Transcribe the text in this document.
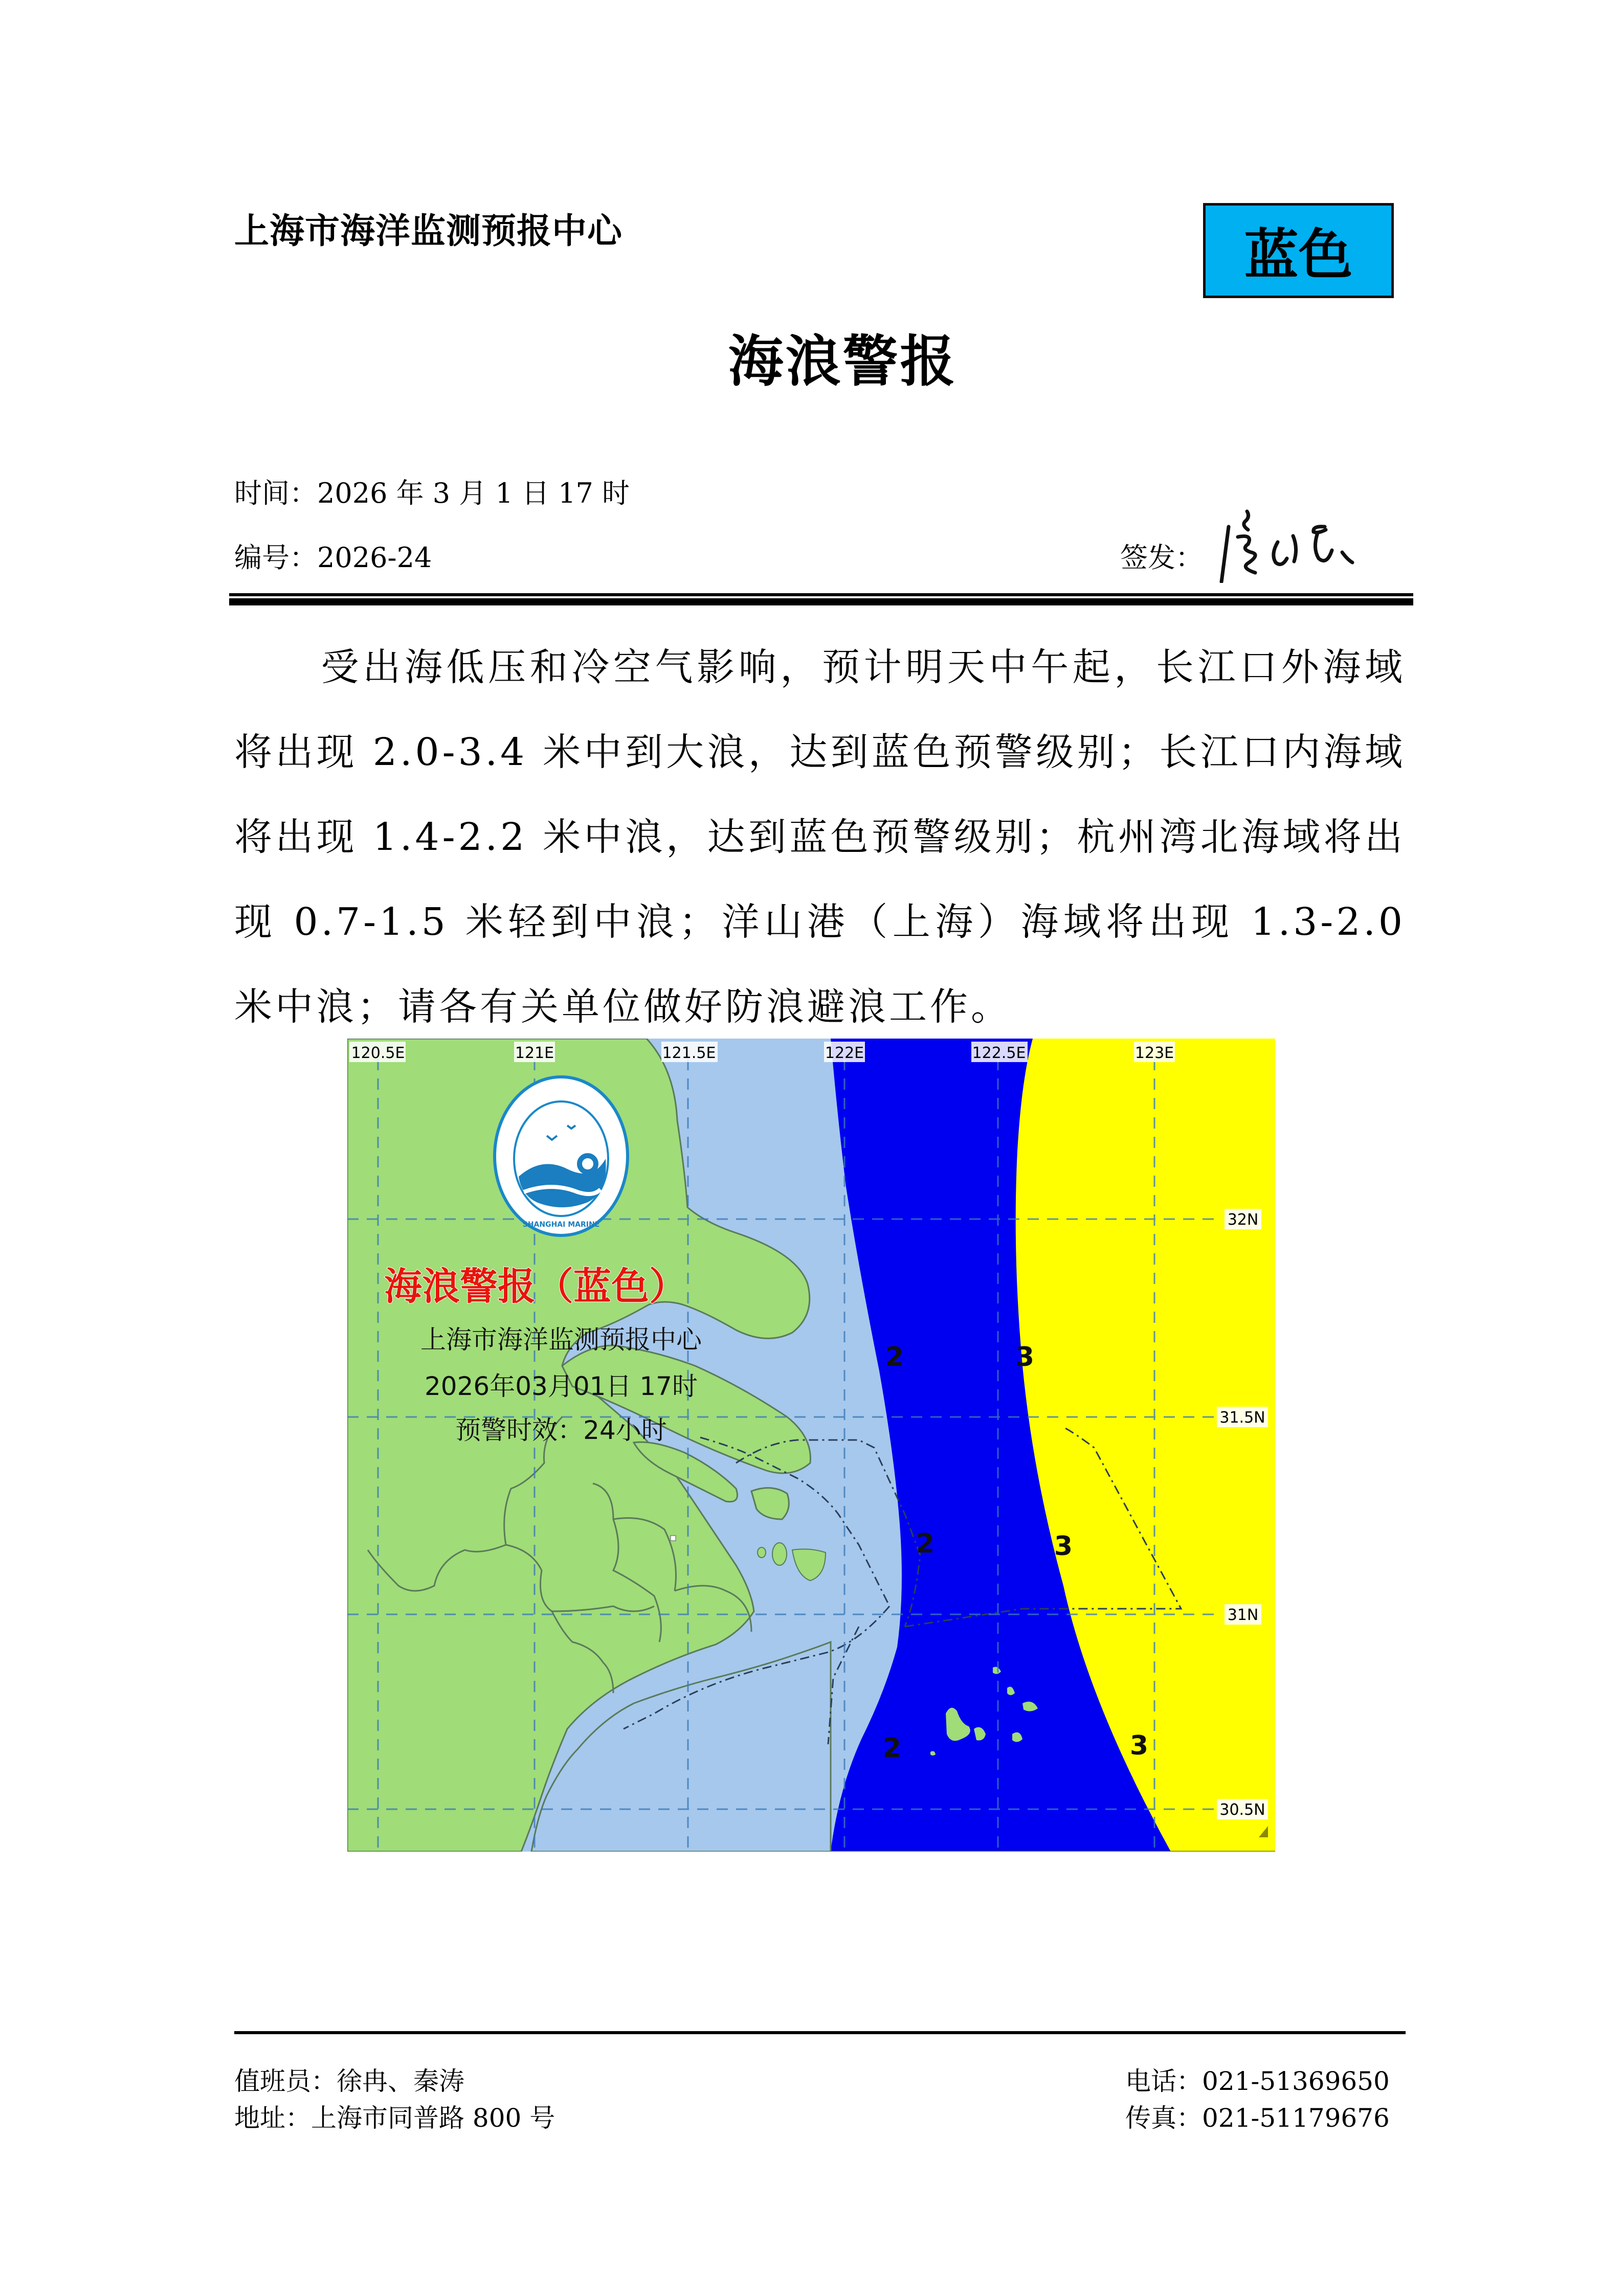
上海市海洋监测预报中心	蓝色
海浪警报
时间：2026 年 3 月 1 日 17 时
编号：2026-24	签发：
受出海低压和冷空气影响，预计明天中午起，长江口外海域将出现 2.0-3.4 米中到大浪，达到蓝色预警级别；长江口内海域将出现 1.4-2.2 米中浪，达到蓝色预警级别；杭州湾北海域将出现 0.7-1.5 米轻到中浪；洋山港（上海）海域将出现 1.3-2.0 米中浪；请各有关单位做好防浪避浪工作。
120.5E	121E	121.5E	122E	122.5E	123E
32N
31.5N
31N
30.5N
2
2
2
3
3
3
SHANGHAI MARINE
海浪警报（蓝色）
上海市海洋监测预报中心
2026年03月01日 17时
预警时效：24小时
值班员：徐冉、秦涛
地址：上海市同普路 800 号
电话：021-51369650
传真：021-51179676
